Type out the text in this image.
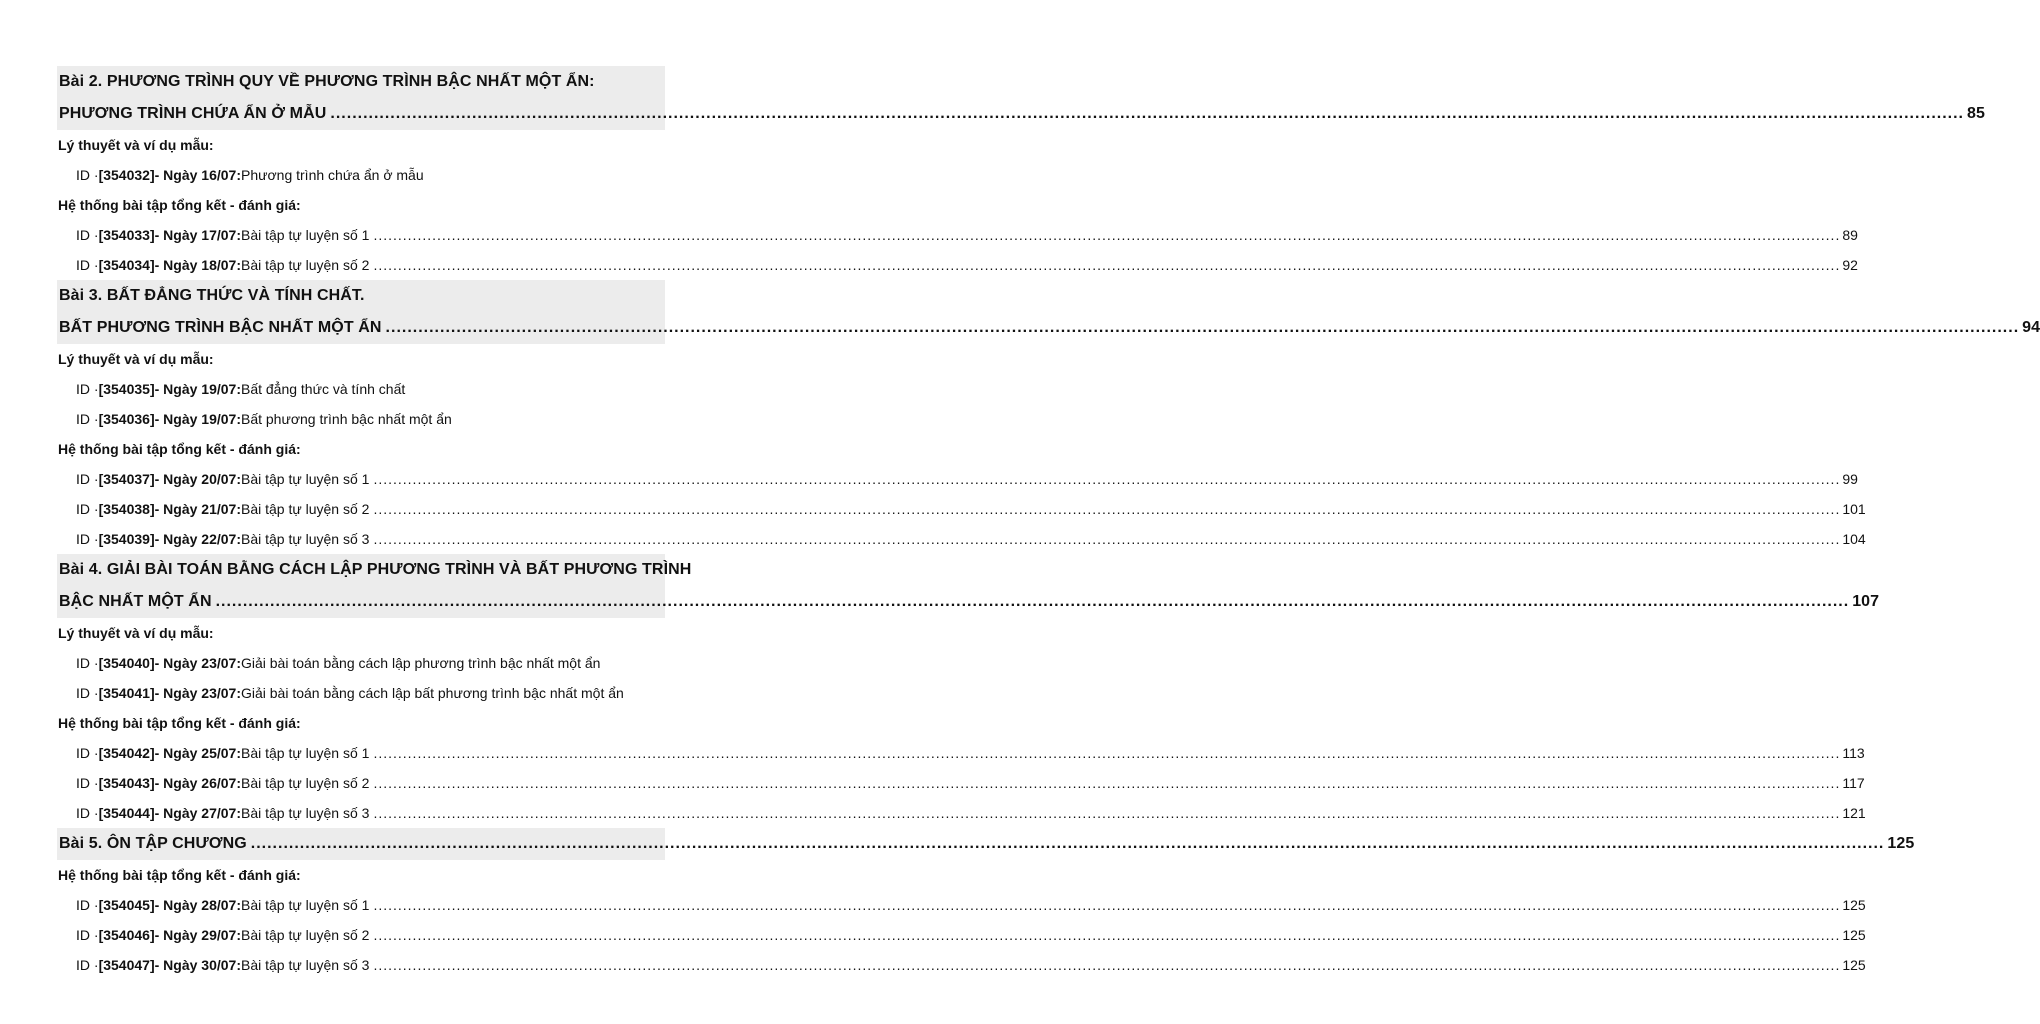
Bài 2. PHƯƠNG TRÌNH QUY VỀ PHƯƠNG TRÌNH BẬC NHẤT MỘT ẨN:
PHƯƠNG TRÌNH CHỨA ẨN Ở MẪU ............................................................................................................................................................................................................................................................................................................ 85
Lý thuyết và ví dụ mẫu:
ID · [354032] - Ngày 16/07: Phương trình chứa ẩn ở mẫu
Hệ thống bài tập tổng kết - đánh giá:
ID · [354033] - Ngày 17/07: Bài tập tự luyện số 1 ............................................................................................................................................................................................................................................................................................................ 89
ID · [354034] - Ngày 18/07: Bài tập tự luyện số 2 ............................................................................................................................................................................................................................................................................................................ 92
Bài 3. BẤT ĐẲNG THỨC VÀ TÍNH CHẤT.
BẤT PHƯƠNG TRÌNH BẬC NHẤT MỘT ẨN ............................................................................................................................................................................................................................................................................................................ 94
Lý thuyết và ví dụ mẫu:
ID · [354035] - Ngày 19/07: Bất đẳng thức và tính chất
ID · [354036] - Ngày 19/07: Bất phương trình bậc nhất một ẩn
Hệ thống bài tập tổng kết - đánh giá:
ID · [354037] - Ngày 20/07: Bài tập tự luyện số 1 ............................................................................................................................................................................................................................................................................................................ 99
ID · [354038] - Ngày 21/07: Bài tập tự luyện số 2 ............................................................................................................................................................................................................................................................................................................ 101
ID · [354039] - Ngày 22/07: Bài tập tự luyện số 3 ............................................................................................................................................................................................................................................................................................................ 104
Bài 4. GIẢI BÀI TOÁN BẰNG CÁCH LẬP PHƯƠNG TRÌNH VÀ BẤT PHƯƠNG TRÌNH
BẬC NHẤT MỘT ẨN ............................................................................................................................................................................................................................................................................................................ 107
Lý thuyết và ví dụ mẫu:
ID · [354040] - Ngày 23/07: Giải bài toán bằng cách lập phương trình bậc nhất một ẩn
ID · [354041] - Ngày 23/07: Giải bài toán bằng cách lập bất phương trình bậc nhất một ẩn
Hệ thống bài tập tổng kết - đánh giá:
ID · [354042] - Ngày 25/07: Bài tập tự luyện số 1 ............................................................................................................................................................................................................................................................................................................ 113
ID · [354043] - Ngày 26/07: Bài tập tự luyện số 2 ............................................................................................................................................................................................................................................................................................................ 117
ID · [354044] - Ngày 27/07: Bài tập tự luyện số 3 ............................................................................................................................................................................................................................................................................................................ 121
Bài 5. ÔN TẬP CHƯƠNG ............................................................................................................................................................................................................................................................................................................ 125
Hệ thống bài tập tổng kết - đánh giá:
ID · [354045] - Ngày 28/07: Bài tập tự luyện số 1 ............................................................................................................................................................................................................................................................................................................ 125
ID · [354046] - Ngày 29/07: Bài tập tự luyện số 2 ............................................................................................................................................................................................................................................................................................................ 125
ID · [354047] - Ngày 30/07: Bài tập tự luyện số 3 ............................................................................................................................................................................................................................................................................................................ 125
